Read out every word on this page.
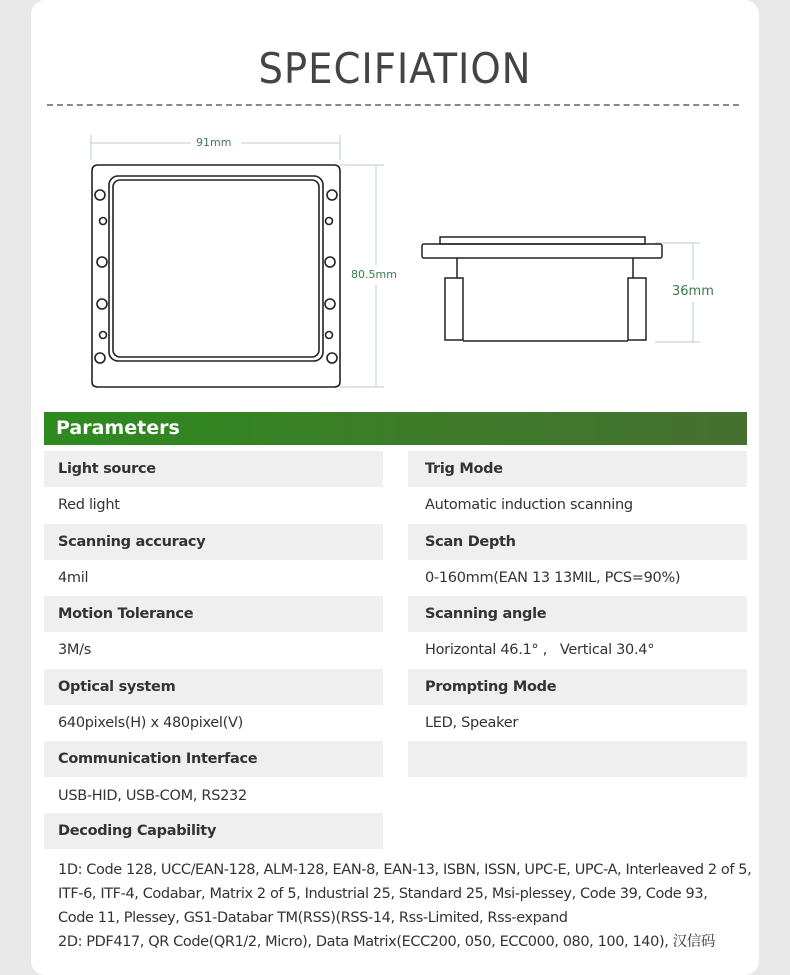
SPECIFIATION
91mm
80.5mm
36mm
Parameters
Light source	Trig Mode
Red light	Automatic induction scanning
Scanning accuracy	Scan Depth
4mil	0-160mm(EAN 13 13MIL, PCS=90%)
Motion Tolerance	Scanning angle
3M/s	Horizontal 46.1° ,   Vertical 30.4°
Optical system	Prompting Mode
640pixels(H) x 480pixel(V)	LED, Speaker
Communication Interface
USB-HID, USB-COM, RS232
Decoding Capability
1D: Code 128, UCC/EAN-128, ALM-128, EAN-8, EAN-13, ISBN, ISSN, UPC-E, UPC-A, Interleaved 2 of 5,
ITF-6, ITF-4, Codabar, Matrix 2 of 5, Industrial 25, Standard 25, Msi-plessey, Code 39, Code 93,
Code 11, Plessey, GS1-Databar TM(RSS)(RSS-14, Rss-Limited, Rss-expand
2D: PDF417, QR Code(QR1/2, Micro), Data Matrix(ECC200, 050, ECC000, 080, 100, 140), 汉信码
